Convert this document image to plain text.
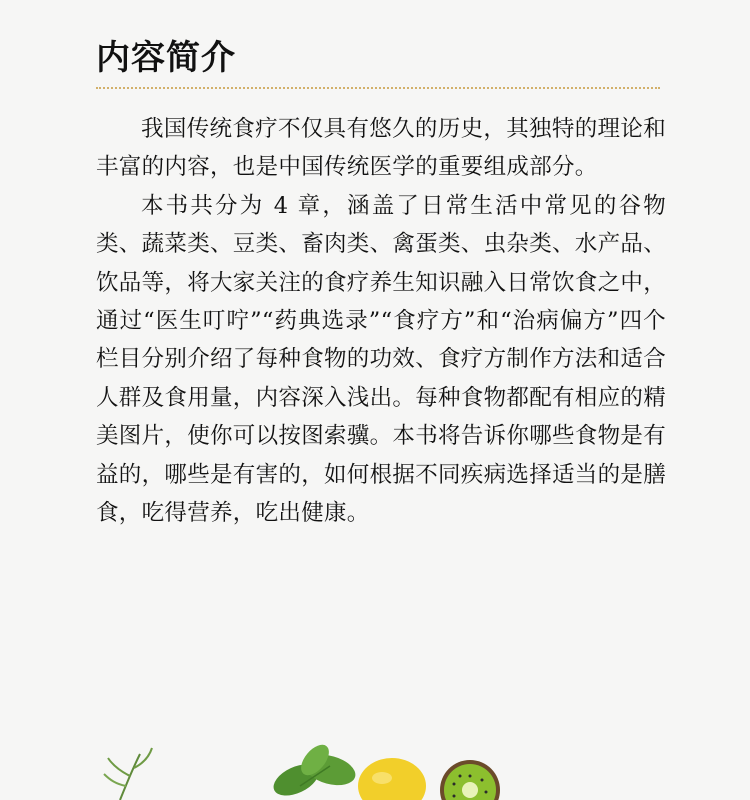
内容简介

我国传统食疗不仅具有悠久的历史，其独特的理论和丰富的内容，也是中国传统医学的重要组成部分。

本书共分为 4 章，涵盖了日常生活中常见的谷物类、蔬菜类、豆类、畜肉类、禽蛋类、虫杂类、水产品、饮品等，将大家关注的食疗养生知识融入日常饮食之中，通过“医生叮咛”“药典选录”“食疗方”和“治病偏方”四个栏目分别介绍了每种食物的功效、食疗方制作方法和适合人群及食用量，内容深入浅出。每种食物都配有相应的精美图片，使你可以按图索骥。本书将告诉你哪些食物是有益的，哪些是有害的，如何根据不同疾病选择适当的是膳食，吃得营养，吃出健康。
